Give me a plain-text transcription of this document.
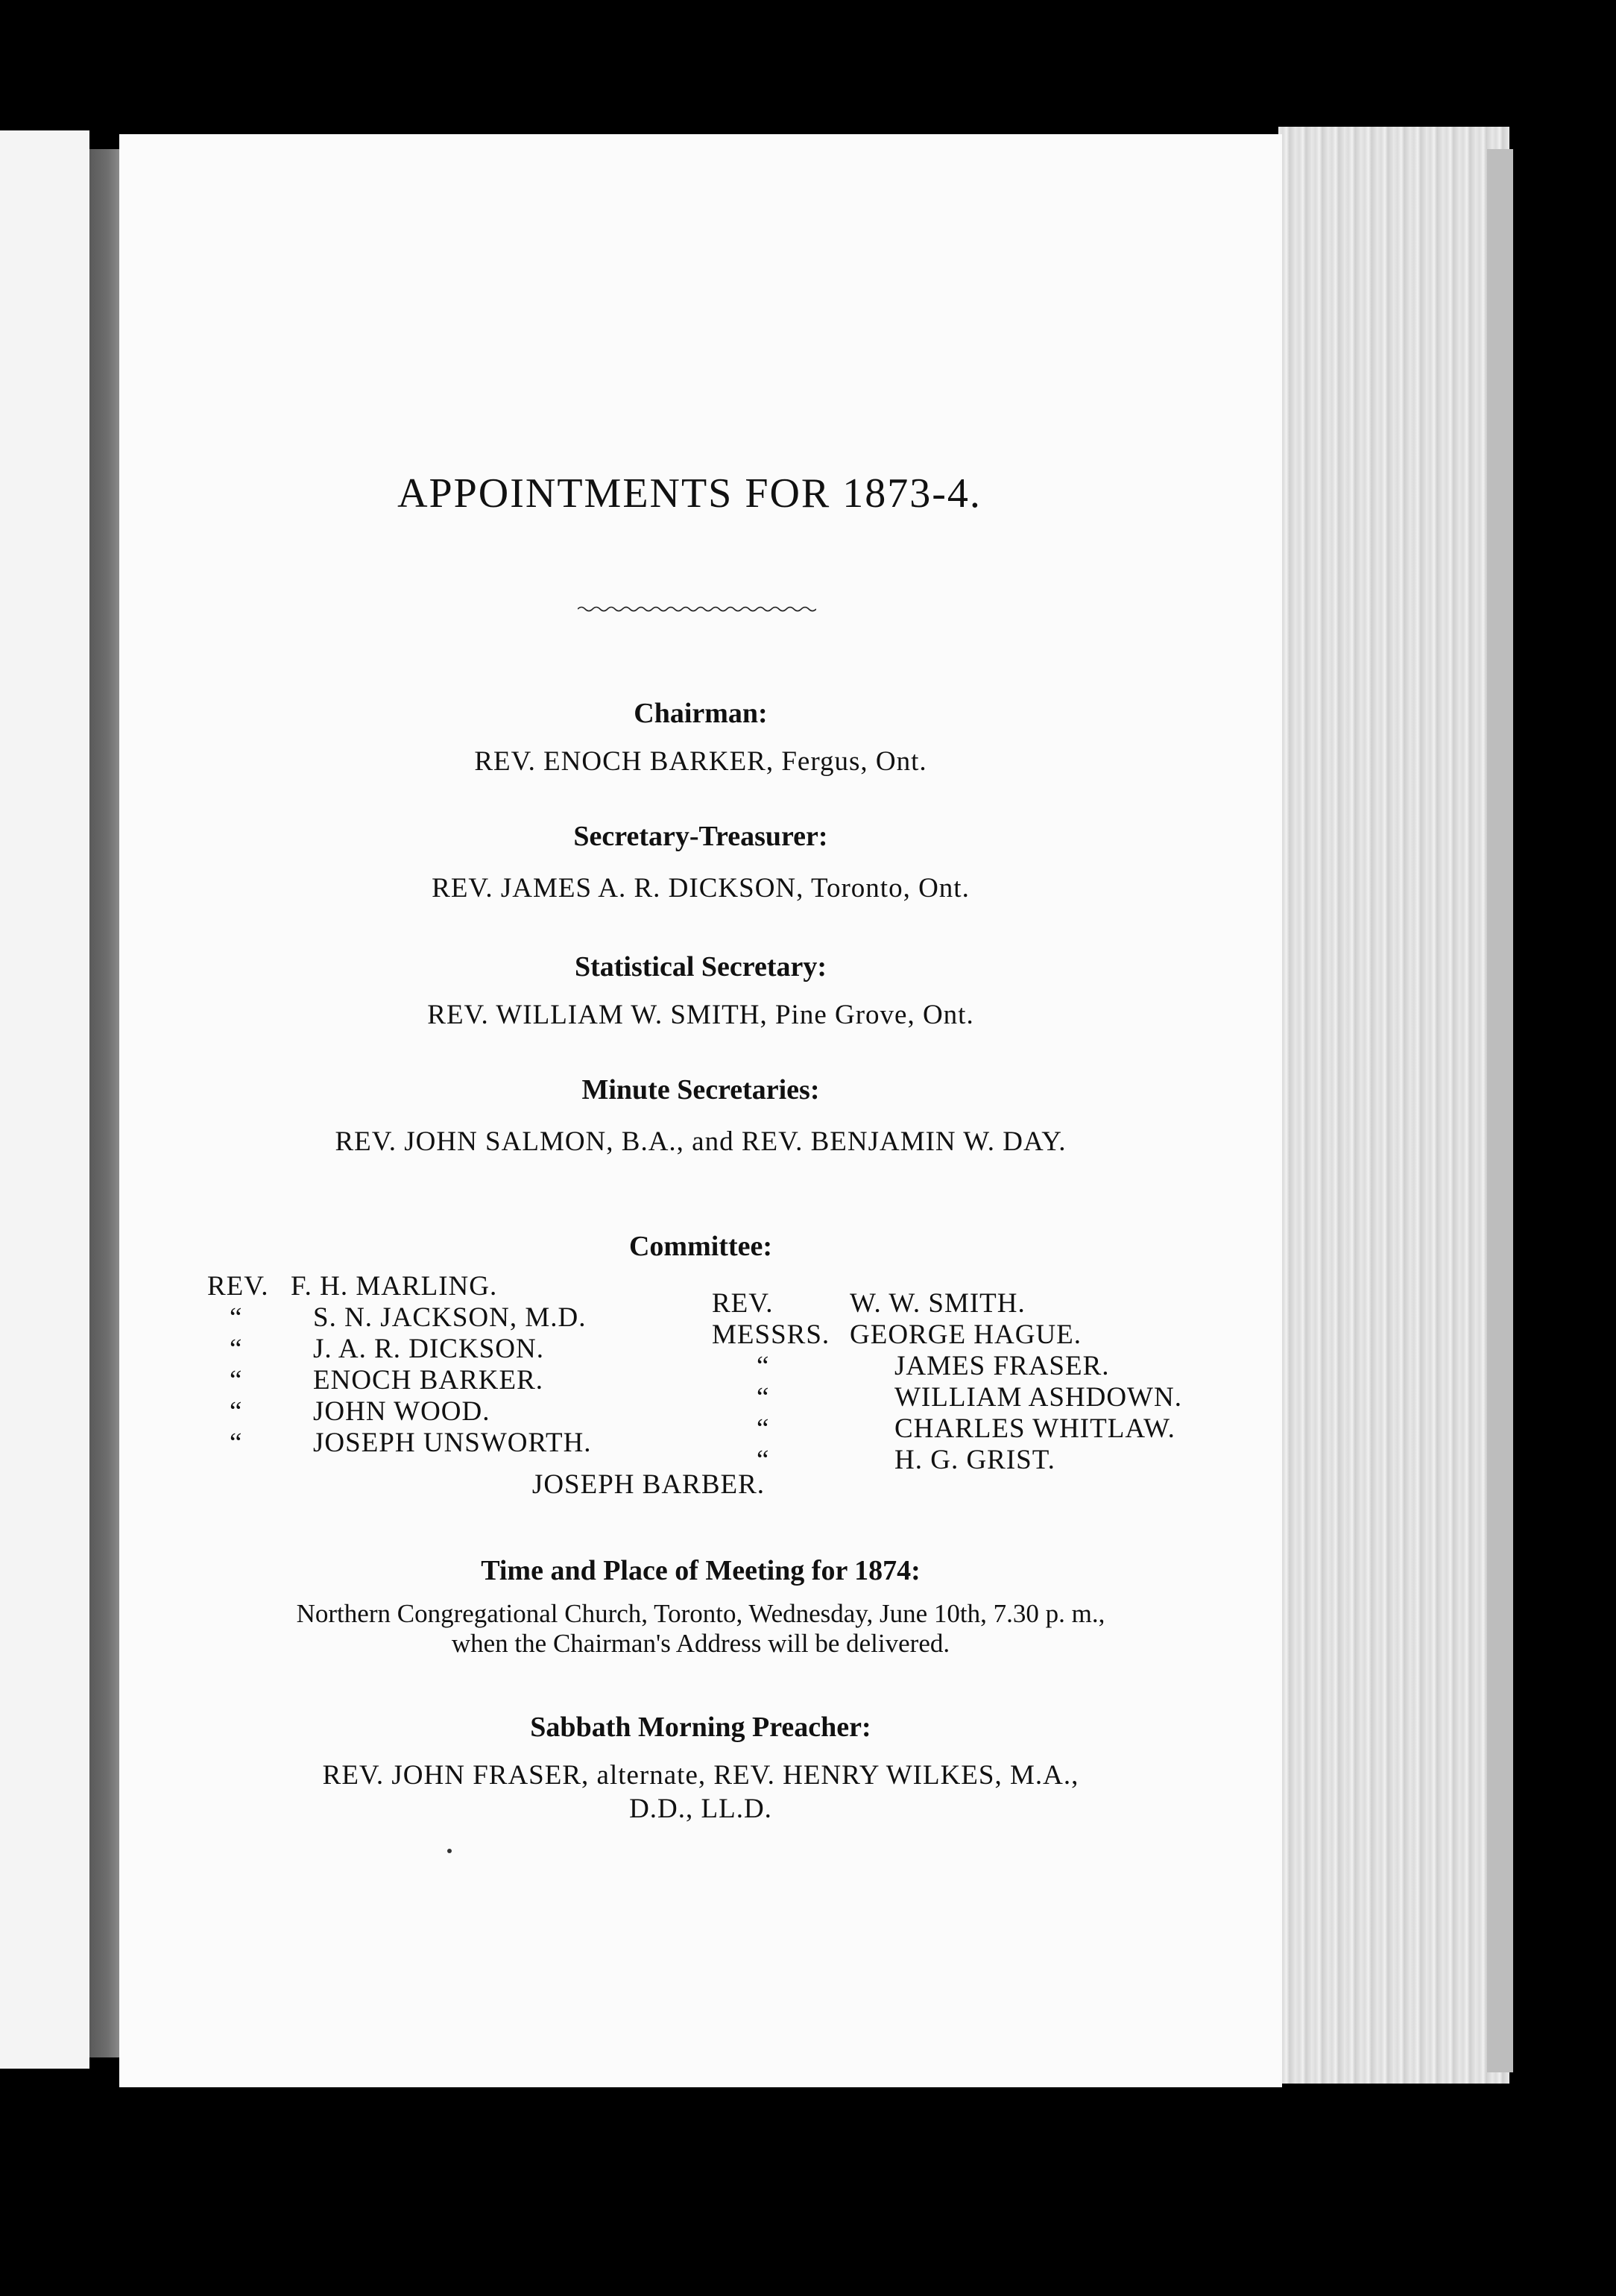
APPOINTMENTS FOR 1873-4.
Chairman:
REV. ENOCH BARKER, Fergus, Ont.
Secretary-Treasurer:
REV. JAMES A. R. DICKSON, Toronto, Ont.
Statistical Secretary:
REV. WILLIAM W. SMITH, Pine Grove, Ont.
Minute Secretaries:
REV. JOHN SALMON, B.A., and REV. BENJAMIN W. DAY.
Committee:
REV. F. H. MARLING.
“	S. N. JACKSON, M.D.
“	J. A. R. DICKSON.
“	ENOCH BARKER.
“	JOHN WOOD.
“	JOSEPH UNSWORTH.
REV.	W. W. SMITH.
MESSRS. GEORGE HAGUE.
“	JAMES FRASER.
“	WILLIAM ASHDOWN.
“	CHARLES WHITLAW.
“	H. G. GRIST.
JOSEPH BARBER.
Time and Place of Meeting for 1874:
Northern Congregational Church, Toronto, Wednesday, June 10th, 7.30 p. m.,
when the Chairman's Address will be delivered.
Sabbath Morning Preacher:
REV. JOHN FRASER, alternate, REV. HENRY WILKES, M.A.,
D.D., LL.D.
